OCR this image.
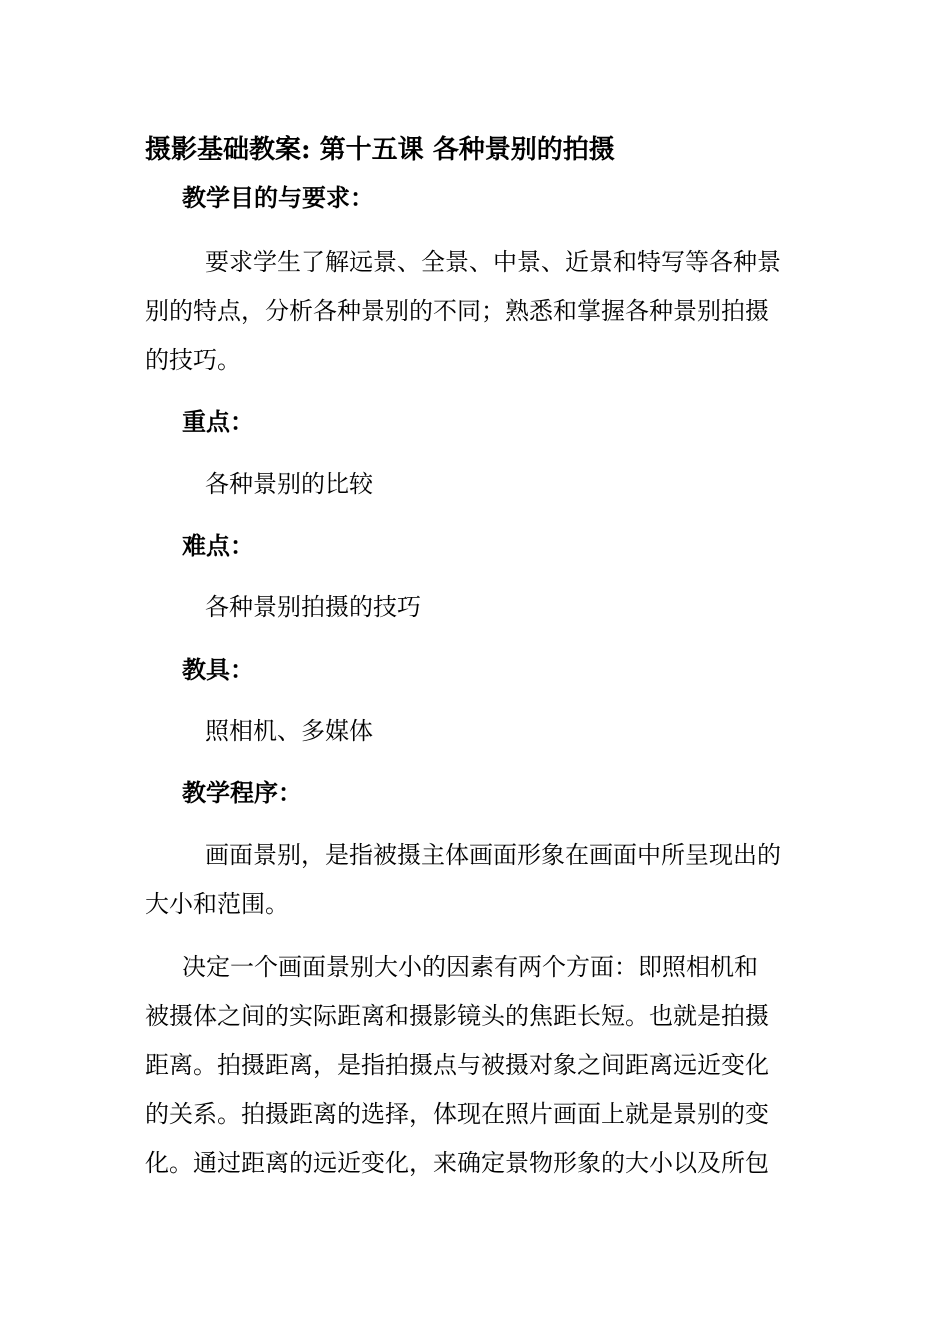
摄影基础教案: 第十五课 各种景别的拍摄
教学目的与要求：
要求学生了解远景、全景、中景、近景和特写等各种景
别的特点，分析各种景别的不同；熟悉和掌握各种景别拍摄
的技巧。
重点：
各种景别的比较
难点：
各种景别拍摄的技巧
教具：
照相机、多媒体
教学程序：
画面景别，是指被摄主体画面形象在画面中所呈现出的
大小和范围。
决定一个画面景别大小的因素有两个方面：即照相机和
被摄体之间的实际距离和摄影镜头的焦距长短。也就是拍摄
距离。拍摄距离，是指拍摄点与被摄对象之间距离远近变化
的关系。拍摄距离的选择，体现在照片画面上就是景别的变
化。通过距离的远近变化，来确定景物形象的大小以及所包
